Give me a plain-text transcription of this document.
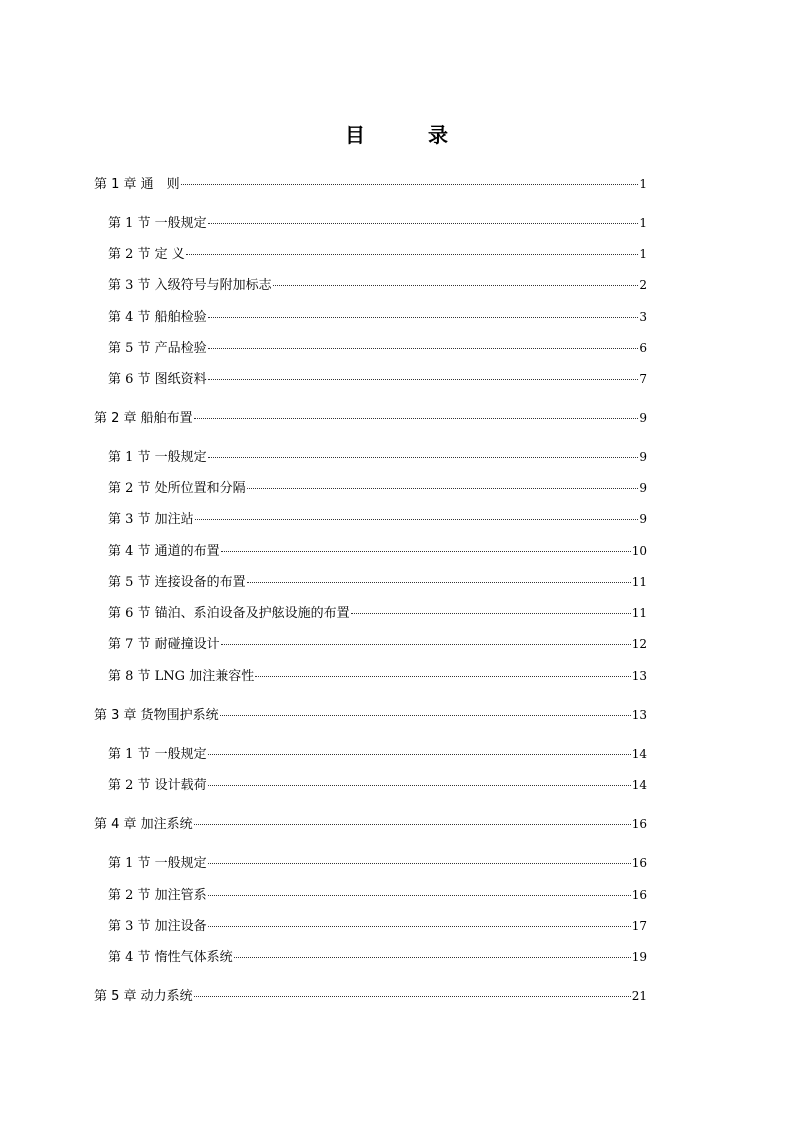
目 录
第 1 章 通　则	1
第 1 节 一般规定	1
第 2 节 定 义	1
第 3 节 入级符号与附加标志	2
第 4 节 船舶检验	3
第 5 节 产品检验	6
第 6 节 图纸资料	7
第 2 章 船舶布置	9
第 1 节 一般规定	9
第 2 节 处所位置和分隔	9
第 3 节 加注站	9
第 4 节 通道的布置	10
第 5 节 连接设备的布置	11
第 6 节 锚泊、系泊设备及护舷设施的布置	11
第 7 节 耐碰撞设计	12
第 8 节 LNG 加注兼容性	13
第 3 章 货物围护系统	13
第 1 节 一般规定	14
第 2 节 设计载荷	14
第 4 章 加注系统	16
第 1 节 一般规定	16
第 2 节 加注管系	16
第 3 节 加注设备	17
第 4 节 惰性气体系统	19
第 5 章 动力系统	21
